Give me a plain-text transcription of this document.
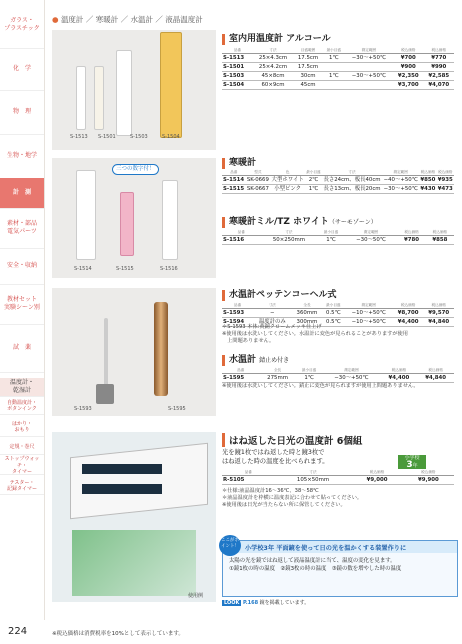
ガラス・
プラスチック
化　学
物　理
生物・地学
計　測
素材・部品
電気パーツ
安全・収納
教材セット
実験シーン別
試　薬
温度計・
乾湿計
自動温度計・
ボタンインク
はかり・
おもり
定規・巻尺
ストップウォッチ・
タイマー
テスター・
記録タイマー
● 温度計 ／ 寒暖計 ／ 水温計 ／ 液晶温度計
S-1513 S-1501	S-1503	S-1504
三つの数字付！
S-1514	S-1515	S-1516
S-1593	S-1595
使用例
室内用温度計 アルコール
品番	寸法	目盛範囲	最小目盛	測定範囲	税込価格	税込価格
S-1513	25×4.3cm	17.5cm	1℃	−30〜+50℃	¥700	¥770
S-1501	25×4.2cm	17.5cm			¥900	¥990
S-1503	45×8cm	30cm	1℃	−30〜+50℃	¥2,350	¥2,585
S-1504	60×9cm	45cm			¥3,700	¥4,070
寒暖計
品番	型式	色	最小目盛	寸法	測定範囲	税込価格	税込価格
S-1514	SK-0669	大型ホワイト	2℃	長さ24cm、板長40cm	−40〜+50℃	¥850	¥935
S-1515	SK-0667	小型ピンク	1℃	長さ13cm、板長20cm	−30〜+50℃	¥430	¥473
寒暖計ミル/TZ ホワイト（サーモゾーン）
品番	寸法	最小目盛	測定範囲	税込価格	税込価格
S-1516	50×250mm	1℃	−30〜50℃	¥780	¥858
水温計ペッテンコーヘル式
品番	寸法	全長	最小目盛	測定範囲	税込価格	税込価格
S-1593	−	360mm	0.5℃	−10〜+50℃	¥8,700	¥9,570
S-1594	温度計のみ	300mm	0.5℃	−10〜+50℃	¥4,400	¥4,840
＊S-1593 本体:黄銅クロームメッキ仕上げ
※使用後は水洗いしてください。水温計に変色が見られることがありますが使用
　上問題ありません。
水温計 錆止め付き
品番	全長	最小目盛	測定範囲	税込価格	税込価格
S-1595	275mm	1℃	−30〜+50℃	¥4,400	¥4,840
※使用後は水洗いしてください。錆止に変色が見られますが使用上問題ありません。
はね返した日光の温度計 6個組
光を鏡1枚ではね返した時と鏡3枚で
はね返した時の温度を比べられます。	小学校
3年
品番	寸法	税込価格	税込価格
R-5105	105×50mm	¥9,000	¥9,900
＊仕様:液晶温度計16〜36℃、38〜58℃
＊液晶温度計を枠横に温度表記に合わせて貼ってください。
※使用後は日光が当たらない所に保管してください。
ここがポイント！ 小学校3年 平面鏡を使って日の光を温かくする装置作りに
太陽の光を鏡ではね返して液晶温度計に当て、温度の変化を見ます。
①鏡1枚の時の温度　②鏡3枚の時の温度　③鏡の数を増やした時の温度
LOOK P.168 鏡を掲載しています。
224	※税込価格は消費税率を10%として表示しています。
